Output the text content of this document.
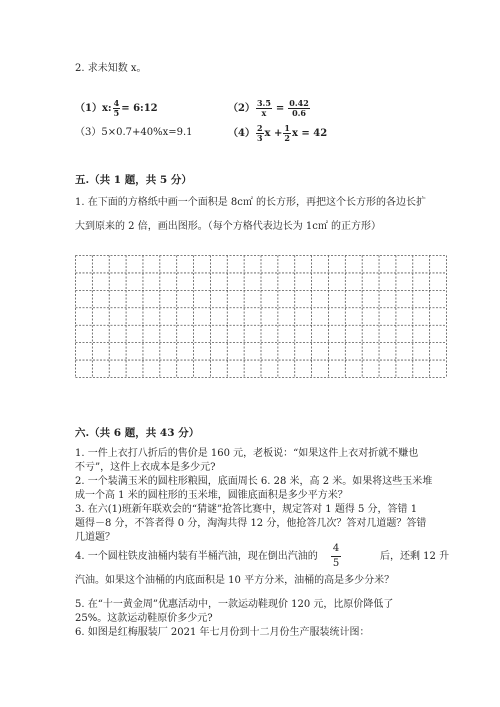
2. 求未知数 x。
（1）x: $\frac{4}{5}$ = 6:12	$(2) \frac{3.5}{x} = \frac{0.42}{0.6}$
（3）5×0.7+40%x=9.1	$(4) \frac{2}{3}$ $x + \frac{1}{2}$ x = 42
五.（共 1 题，共 5 分）
1. 在下面的方格纸中画一个面积是 8c㎡ 的长方形，再把这个长方形的各边长扩
大到原来的 2 倍，画出图形。（每个方格代表边长为 1c㎡ 的正方形）
六.（共 6 题，共 43 分）
1. 一件上衣打八折后的售价是 160 元，老板说：“如果这件上衣对折就不赚也
不亏”，这件上衣成本是多少元?
2. 一个装满玉米的圆柱形粮囤，底面周长 6. 28 米，高 2 米。如果将这些玉米堆
成一个高 1 米的圆柱形的玉米堆，圆锥底面积是多少平方米？
3. 在六(1)班新年联欢会的“猜谜”抢答比赛中，规定答对 1 题得 5 分，答错 1
题得－8 分，不答者得 0 分，淘淘共得 12 分，他抢答几次？答对几道题？答错
几道题？
4. 一个圆柱铁皮油桶内装有半桶汽油，现在倒出汽油的
4
5
后，还剩 12 升
汽油。如果这个油桶的内底面积是 10 平方分米，油桶的高是多少分米？
5. 在“十一黄金周”优惠活动中，一款运动鞋现价 120 元，比原价降低了
25%。这款运动鞋原价多少元?
6. 如图是红梅服装厂 2021 年七月份到十二月份生产服装统计图：
